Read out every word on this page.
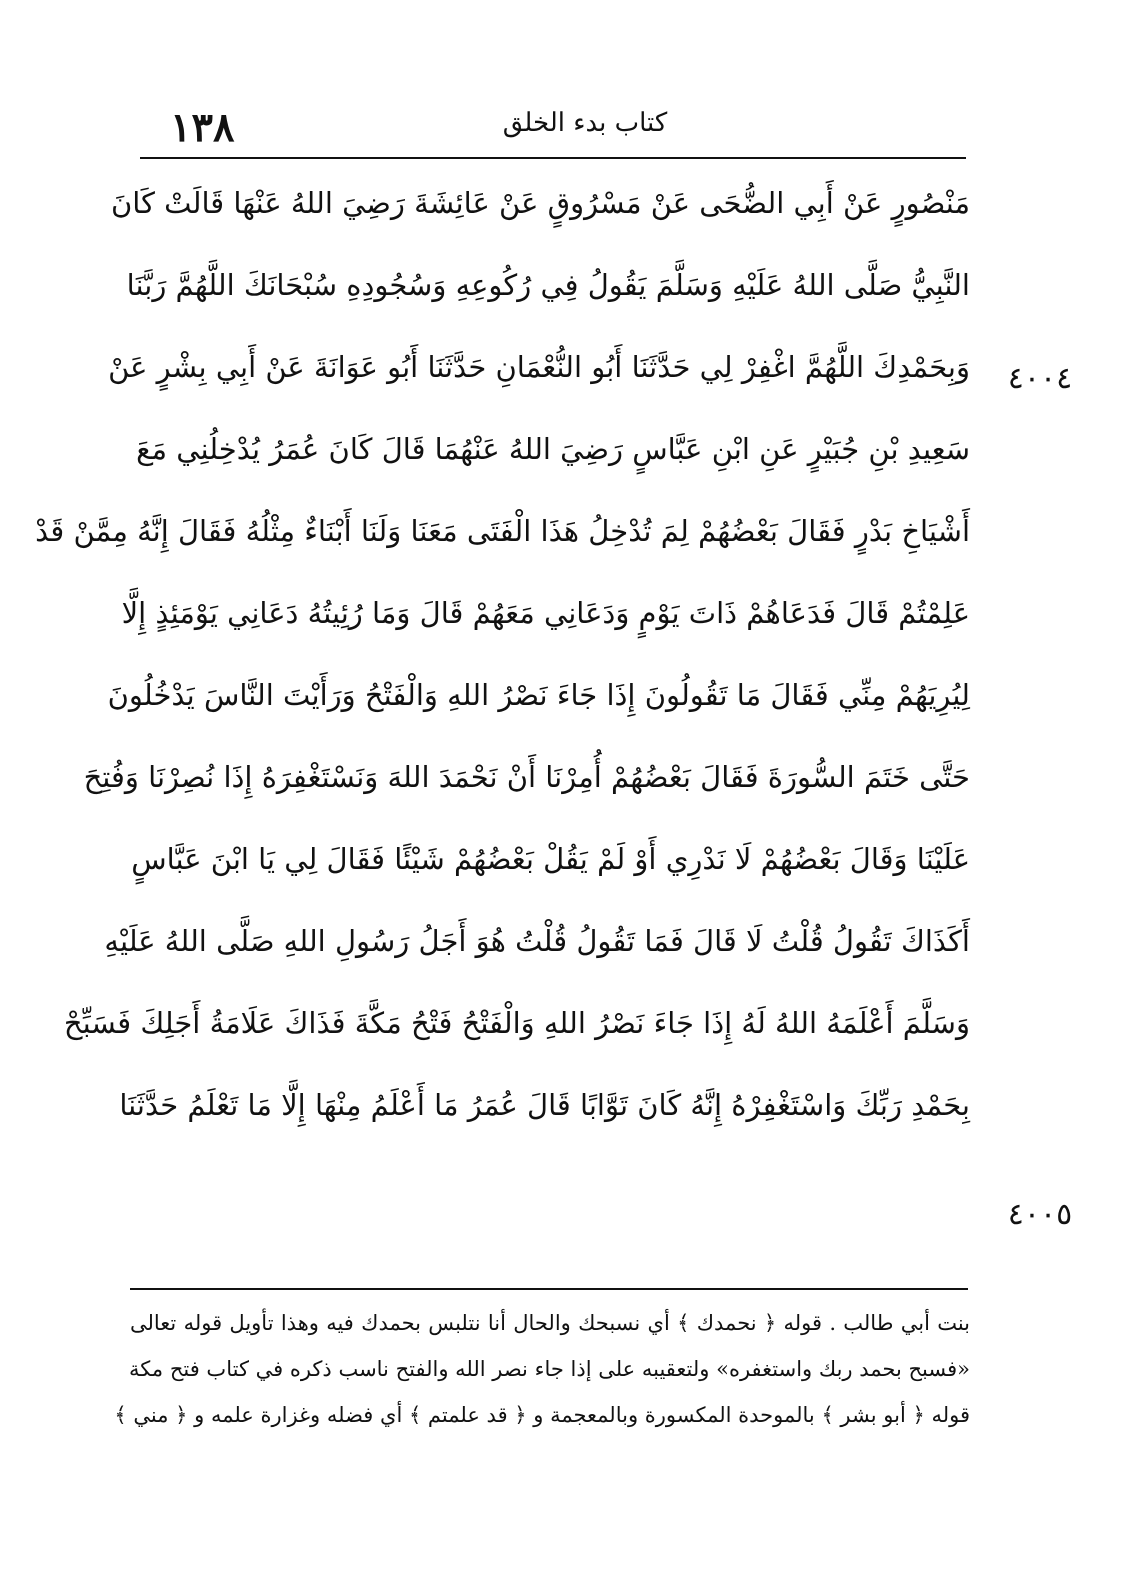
١٣٨	كتاب بدء الخلق
مَنْصُورٍ عَنْ أَبِي الضُّحَى عَنْ مَسْرُوقٍ عَنْ عَائِشَةَ رَضِيَ اللهُ عَنْهَا قَالَتْ كَانَ
النَّبِيُّ صَلَّى اللهُ عَلَيْهِ وَسَلَّمَ يَقُولُ فِي رُكُوعِهِ وَسُجُودِهِ سُبْحَانَكَ اللَّهُمَّ رَبَّنَا
وَبِحَمْدِكَ اللَّهُمَّ اغْفِرْ لِي حَدَّثَنَا أَبُو النُّعْمَانِ حَدَّثَنَا أَبُو عَوَانَةَ عَنْ أَبِي بِشْرٍ عَنْ
سَعِيدِ بْنِ جُبَيْرٍ عَنِ ابْنِ عَبَّاسٍ رَضِيَ اللهُ عَنْهُمَا قَالَ كَانَ عُمَرُ يُدْخِلُنِي مَعَ
أَشْيَاخِ بَدْرٍ فَقَالَ بَعْضُهُمْ لِمَ تُدْخِلُ هَذَا الْفَتَى مَعَنَا وَلَنَا أَبْنَاءٌ مِثْلُهُ فَقَالَ إِنَّهُ مِمَّنْ قَدْ
عَلِمْتُمْ قَالَ فَدَعَاهُمْ ذَاتَ يَوْمٍ وَدَعَانِي مَعَهُمْ قَالَ وَمَا رُئِيتُهُ دَعَانِي يَوْمَئِذٍ إِلَّا
لِيُرِيَهُمْ مِنِّي فَقَالَ مَا تَقُولُونَ إِذَا جَاءَ نَصْرُ اللهِ وَالْفَتْحُ وَرَأَيْتَ النَّاسَ يَدْخُلُونَ
حَتَّى خَتَمَ السُّورَةَ فَقَالَ بَعْضُهُمْ أُمِرْنَا أَنْ نَحْمَدَ اللهَ وَنَسْتَغْفِرَهُ إِذَا نُصِرْنَا وَفُتِحَ
عَلَيْنَا وَقَالَ بَعْضُهُمْ لَا نَدْرِي أَوْ لَمْ يَقُلْ بَعْضُهُمْ شَيْئًا فَقَالَ لِي يَا ابْنَ عَبَّاسٍ
أَكَذَاكَ تَقُولُ قُلْتُ لَا قَالَ فَمَا تَقُولُ قُلْتُ هُوَ أَجَلُ رَسُولِ اللهِ صَلَّى اللهُ عَلَيْهِ
وَسَلَّمَ أَعْلَمَهُ اللهُ لَهُ إِذَا جَاءَ نَصْرُ اللهِ وَالْفَتْحُ فَتْحُ مَكَّةَ فَذَاكَ عَلَامَةُ أَجَلِكَ فَسَبِّحْ
بِحَمْدِ رَبِّكَ وَاسْتَغْفِرْهُ إِنَّهُ كَانَ تَوَّابًا قَالَ عُمَرُ مَا أَعْلَمُ مِنْهَا إِلَّا مَا تَعْلَمُ حَدَّثَنَا
٤٠٠٤
٤٠٠٥
بنت أبي طالب . قوله ﴿ نحمدك ﴾ أي نسبحك والحال أنا نتلبس بحمدك فيه وهذا تأويل قوله تعالى
«فسبح بحمد ربك واستغفره» ولتعقيبه على إذا جاء نصر الله والفتح ناسب ذكره في كتاب فتح مكة
قوله ﴿ أبو بشر ﴾ بالموحدة المكسورة وبالمعجمة و ﴿ قد علمتم ﴾ أي فضله وغزارة علمه و ﴿ مني ﴾
